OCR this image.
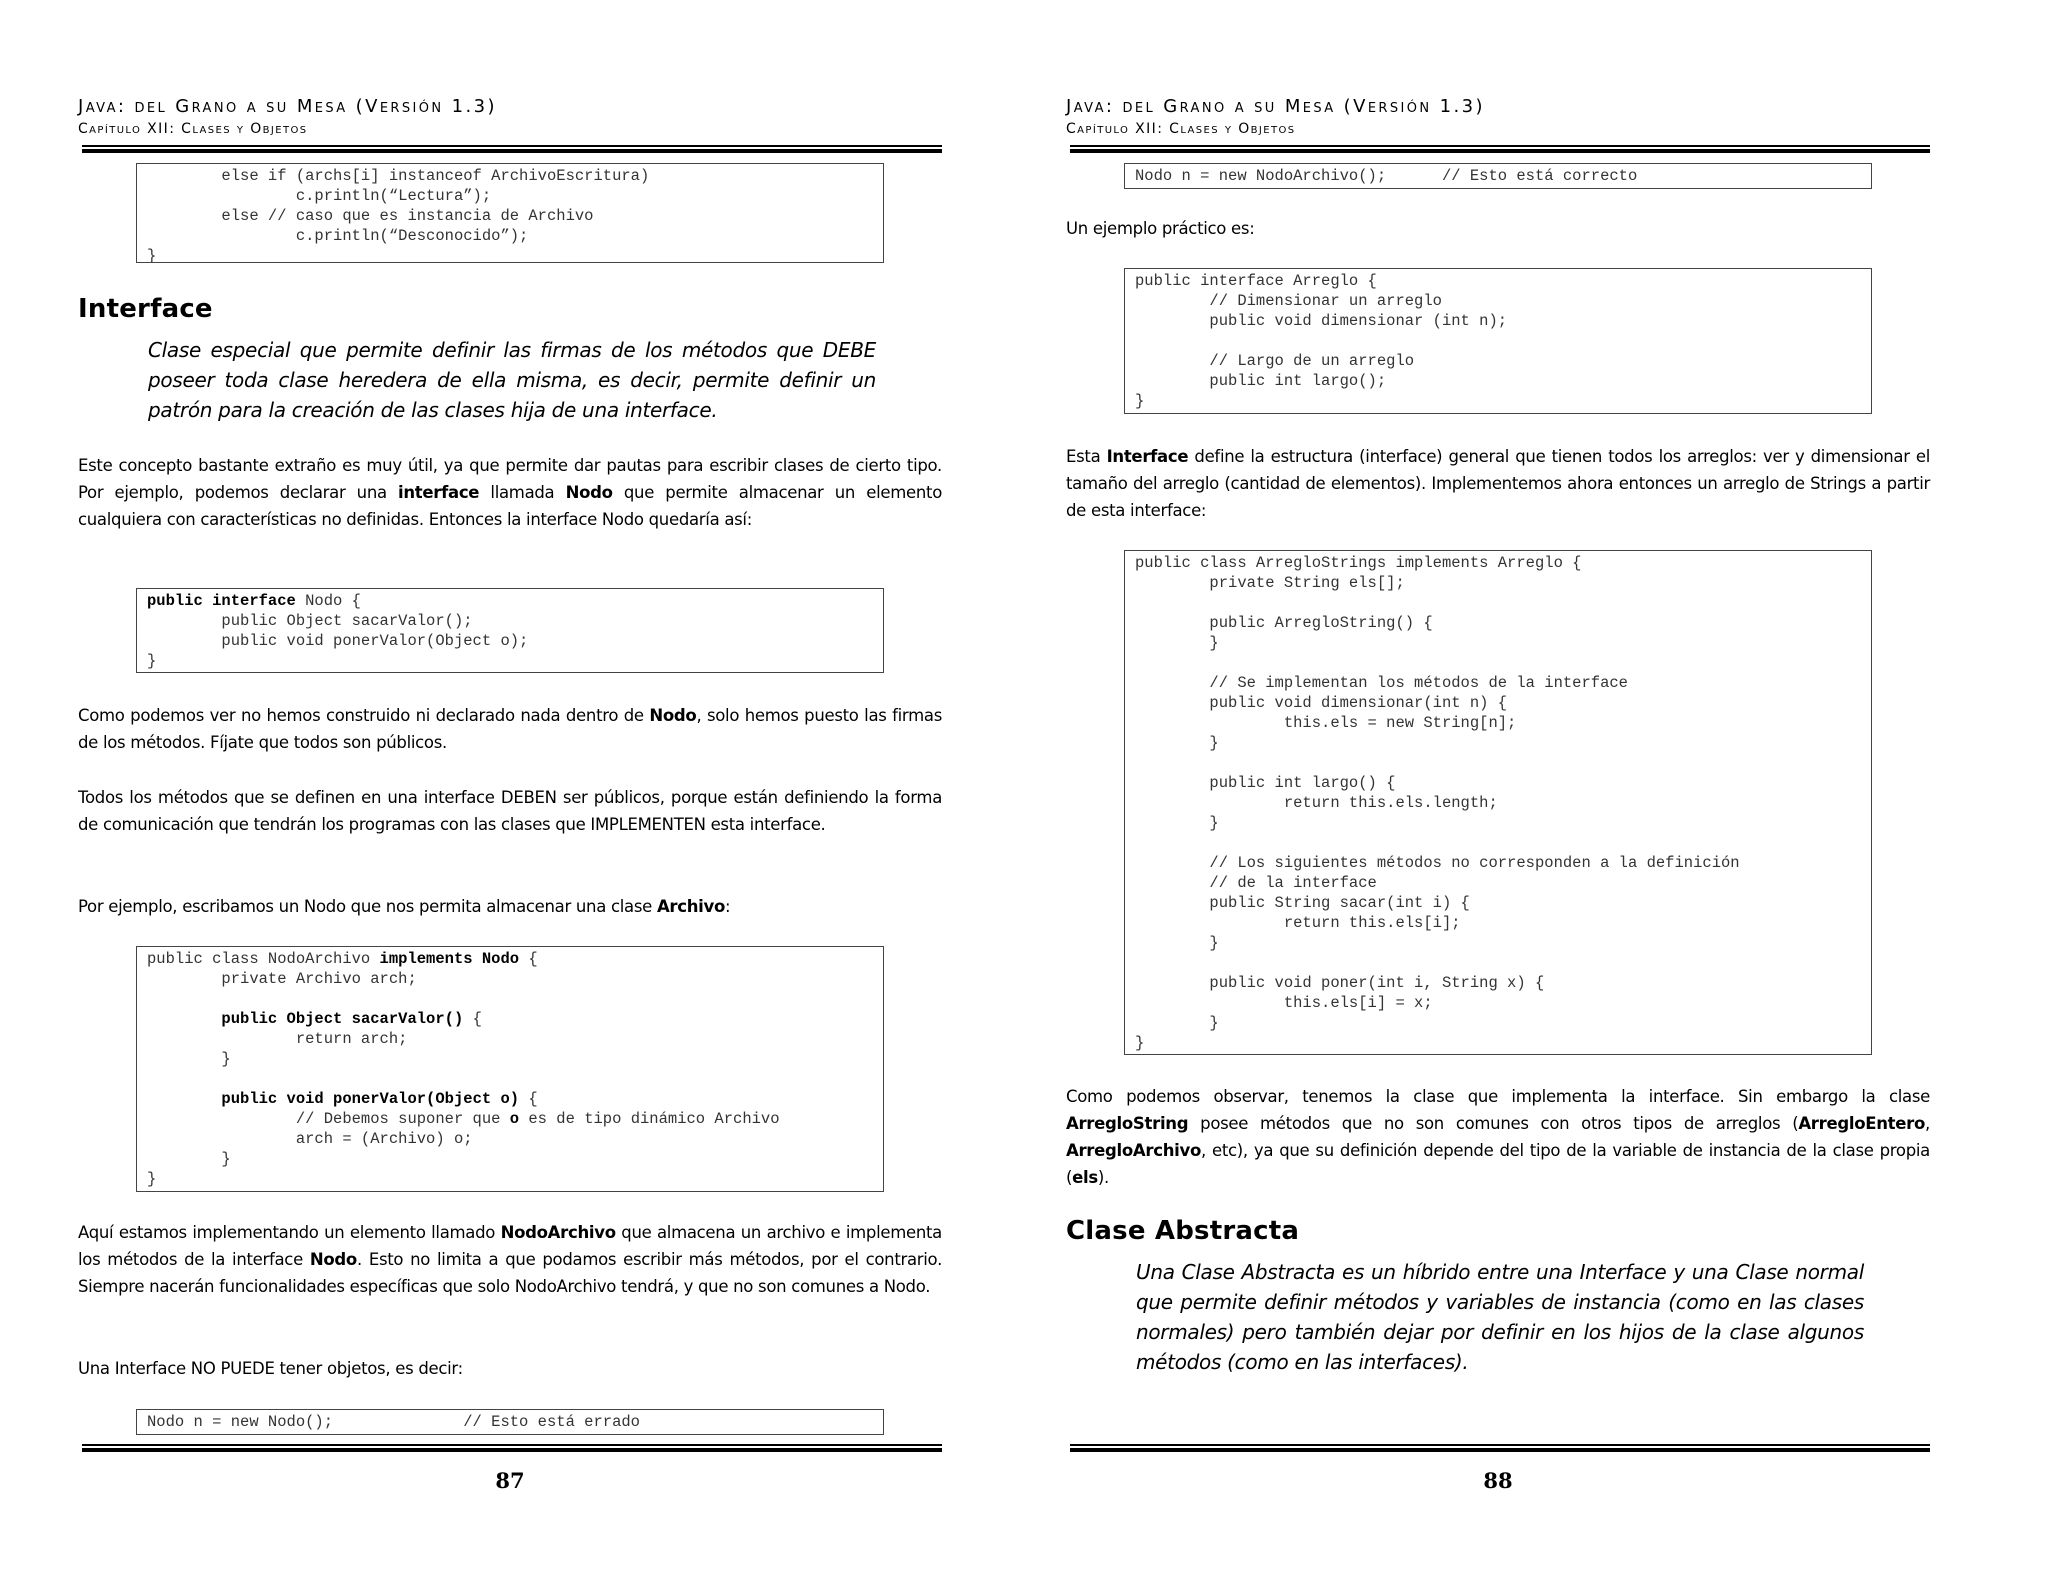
Java: del Grano a su Mesa (Versión 1.3)
Capítulo XII: Clases y Objetos
else if (archs[i] instanceof ArchivoEscritura)
c.println(“Lectura”);
else // caso que es instancia de Archivo
c.println(“Desconocido”);
}
Interface
Clase especial que permite definir las firmas de los métodos que DEBE poseer toda clase heredera de ella misma, es decir, permite definir un patrón para la creación de las clases hija de una interface.
Este concepto bastante extraño es muy útil, ya que permite dar pautas para escribir clases de cierto tipo. Por ejemplo, podemos declarar una interface llamada Nodo que permite almacenar un elemento cualquiera con características no definidas. Entonces la interface Nodo quedaría así:
public interface Nodo {
public Object sacarValor();
public void ponerValor(Object o);
}
Como podemos ver no hemos construido ni declarado nada dentro de Nodo, solo hemos puesto las firmas de los métodos. Fíjate que todos son públicos.
Todos los métodos que se definen en una interface DEBEN ser públicos, porque están definiendo la forma de comunicación que tendrán los programas con las clases que IMPLEMENTEN esta interface.
Por ejemplo, escribamos un Nodo que nos permita almacenar una clase Archivo:
public class NodoArchivo implements Nodo {
private Archivo arch;

public Object sacarValor() {
return arch;
}

public void ponerValor(Object o) {
// Debemos suponer que o es de tipo dinámico Archivo
arch = (Archivo) o;
}
}
Aquí estamos implementando un elemento llamado NodoArchivo que almacena un archivo e implementa los métodos de la interface Nodo. Esto no limita a que podamos escribir más métodos, por el contrario. Siempre nacerán funcionalidades específicas que solo NodoArchivo tendrá, y que no son comunes a Nodo.
Una Interface NO PUEDE tener objetos, es decir:
Nodo n = new Nodo();              // Esto está errado
87
Java: del Grano a su Mesa (Versión 1.3)
Capítulo XII: Clases y Objetos
Nodo n = new NodoArchivo();      // Esto está correcto
Un ejemplo práctico es:
public interface Arreglo {
// Dimensionar un arreglo
public void dimensionar (int n);

// Largo de un arreglo
public int largo();
}
Esta Interface define la estructura (interface) general que tienen todos los arreglos: ver y dimensionar el tamaño del arreglo (cantidad de elementos). Implementemos ahora entonces un arreglo de Strings a partir de esta interface:
public class ArregloStrings implements Arreglo {
private String els[];

public ArregloString() {
}

// Se implementan los métodos de la interface
public void dimensionar(int n) {
this.els = new String[n];
}

public int largo() {
return this.els.length;
}

// Los siguientes métodos no corresponden a la definición
// de la interface
public String sacar(int i) {
return this.els[i];
}

public void poner(int i, String x) {
this.els[i] = x;
}
}
Como podemos observar, tenemos la clase que implementa la interface. Sin embargo la clase ArregloString posee métodos que no son comunes con otros tipos de arreglos (ArregloEntero, ArregloArchivo, etc), ya que su definición depende del tipo de la variable de instancia de la clase propia (els).
Clase Abstracta
Una Clase Abstracta es un híbrido entre una Interface y una Clase normal que permite definir métodos y variables de instancia (como en las clases normales) pero también dejar por definir en los hijos de la clase algunos métodos (como en las interfaces).
88
